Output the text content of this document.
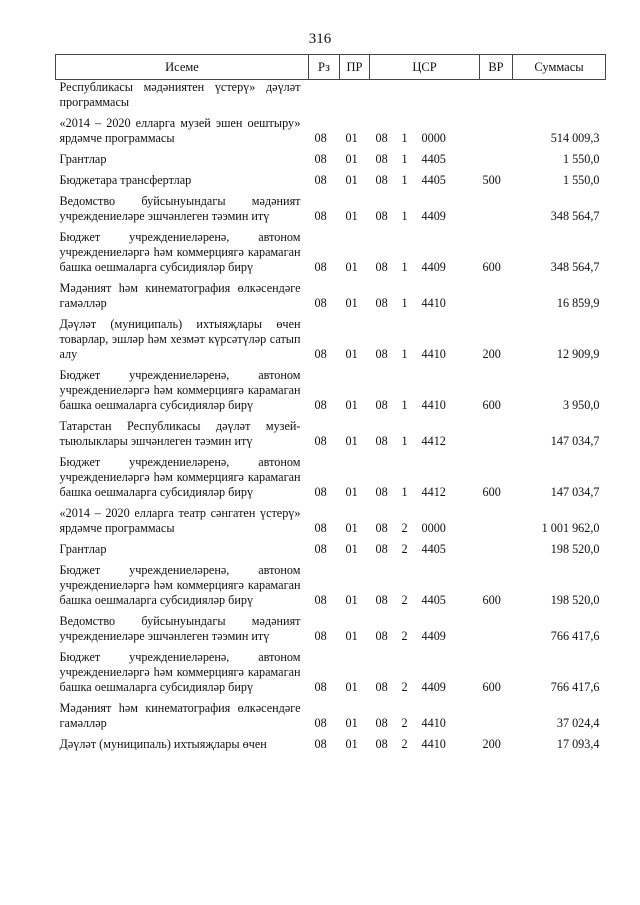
316
Исеме	Рз	ПР	ЦСР	ВР	Суммасы
Республикасы мәдәниятен үстерү» дәүләт программасы					
«2014 – 2020 елларга музей эшен оештыру» ярдәмче программасы	08	01	08 1 0000		514 009,3
Грантлар	08	01	08 1 4405		1 550,0
Бюджетара трансфертлар	08	01	08 1 4405	500	1 550,0
Ведомство буйсынуындагы мәдәният учреждениеләре эшчәнлеген тәэмин итү	08	01	08 1 4409		348 564,7
Бюджет учреждениеләренә, автоном учреждениеләргә һәм коммерциягә карамаган башка оешмаларга субсидияләр бирү	08	01	08 1 4409	600	348 564,7
Мәдәният һәм кинематография өлкәсендәге гамәлләр	08	01	08 1 4410		16 859,9
Дәүләт (муниципаль) ихтыяҗлары өчен товарлар, эшләр һәм хезмәт күрсәтүләр сатып алу	08	01	08 1 4410	200	12 909,9
Бюджет учреждениеләренә, автоном учреждениеләргә һәм коммерциягә карамаган башка оешмаларга субсидияләр бирү	08	01	08 1 4410	600	3 950,0
Татарстан Республикасы дәүләт музей-тыюлыклары эшчәнлеген тәэмин итү	08	01	08 1 4412		147 034,7
Бюджет учреждениеләренә, автоном учреждениеләргә һәм коммерциягә карамаган башка оешмаларга субсидияләр бирү	08	01	08 1 4412	600	147 034,7
«2014 – 2020 елларга театр сәнгатен үстерү» ярдәмче программасы	08	01	08 2 0000		1 001 962,0
Грантлар	08	01	08 2 4405		198 520,0
Бюджет учреждениеләренә, автоном учреждениеләргә һәм коммерциягә карамаган башка оешмаларга субсидияләр бирү	08	01	08 2 4405	600	198 520,0
Ведомство буйсынуындагы мәдәният учреждениеләре эшчәнлеген тәэмин итү	08	01	08 2 4409		766 417,6
Бюджет учреждениеләренә, автоном учреждениеләргә һәм коммерциягә карамаган башка оешмаларга субсидияләр бирү	08	01	08 2 4409	600	766 417,6
Мәдәният һәм кинематография өлкәсендәге гамәлләр	08	01	08 2 4410		37 024,4
Дәүләт (муниципаль) ихтыяҗлары өчен	08	01	08 2 4410	200	17 093,4
